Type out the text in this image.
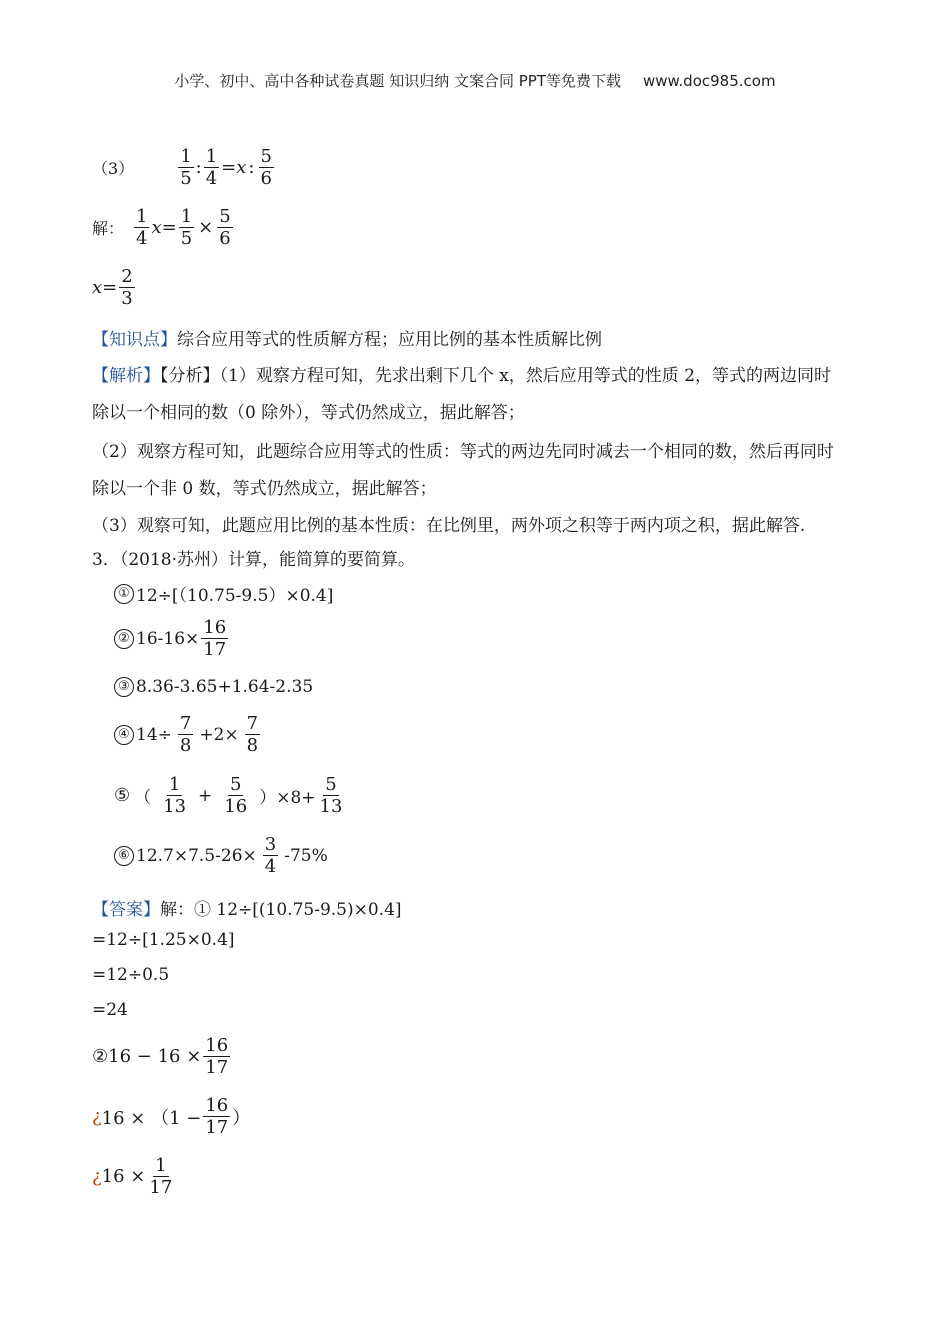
小学、初中、高中各种试卷真题 知识归纳 文案合同 PPT等免费下载 www.doc985.com
$(3) \frac{1}{5}$ : $\frac{1}{4} = x$ : $\frac{5}{6}$
解： $\frac{1}{4}$ $x = \frac{1}{5} \times \frac{5}{6}$
$x = \frac{2}{3}$
【知识点】综合应用等式的性质解方程；应用比例的基本性质解比例
【解析】【分析】（1）观察方程可知，先求出剩下几个 x，然后应用等式的性质 2，等式的两边同时
除以一个相同的数（0 除外），等式仍然成立，据此解答；
（2）观察方程可知，此题综合应用等式的性质：等式的两边先同时减去一个相同的数，然后再同时
除以一个非 0 数，等式仍然成立，据此解答；
（3）观察可知，此题应用比例的基本性质：在比例里，两外项之积等于两内项之积，据此解答.
3．（2018·苏州）计算，能简算的要简算。
① 12÷[（10.75-9.5）×0.4]
② $16-16\times \frac{16}{17}$
③ 8.36-3.65+1.64-2.35
④ $14\div \frac{7}{8} +2\times \frac{7}{8}$
⑤ （ $\frac{1}{13} + \frac{5}{16} )\times 8+ \frac{5}{13}$
⑥ $12.7\times 7.5-26\times \frac{3}{4} -75\%$
【答案】解：① 12÷[(10.75-9.5)×0.4]
=12÷[1.25×0.4]
=12÷0.5
=24
② $16 - 16 \times \frac{16}{17}$
¿ $16 \times (1 - \frac{16}{17}$ ）
¿ $16 \times \frac{1}{17}$
